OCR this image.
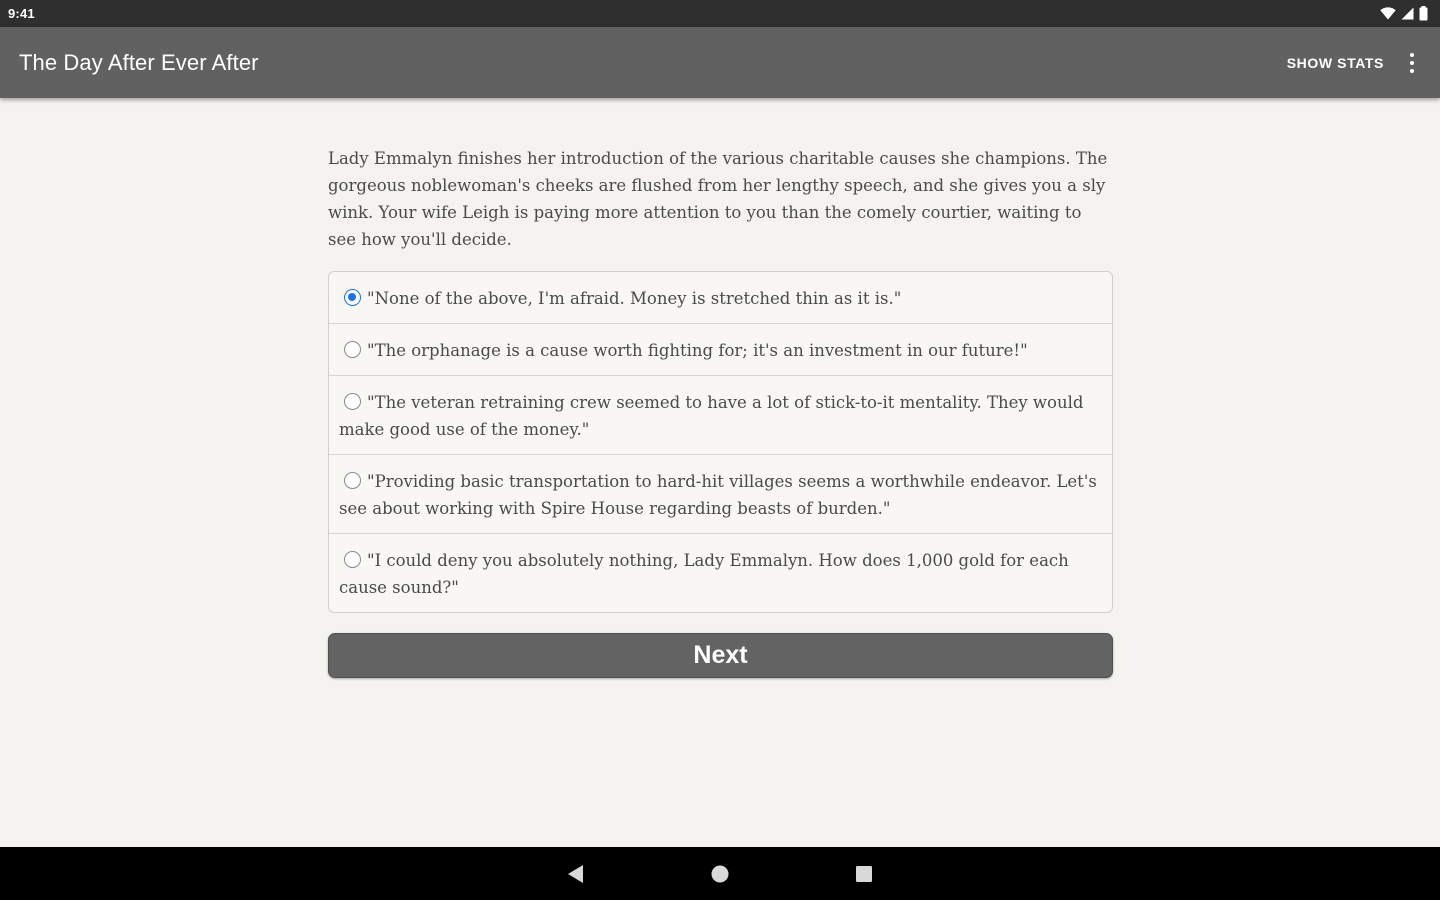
9:41
The Day After Ever After	SHOW STATS

Lady Emmalyn finishes her introduction of the various charitable causes she champions. The gorgeous noblewoman's cheeks are flushed from her lengthy speech, and she gives you a sly wink. Your wife Leigh is paying more attention to you than the comely courtier, waiting to see how you'll decide.

"None of the above, I'm afraid. Money is stretched thin as it is."
"The orphanage is a cause worth fighting for; it's an investment in our future!"
"The veteran retraining crew seemed to have a lot of stick-to-it mentality. They would make good use of the money."
"Providing basic transportation to hard-hit villages seems a worthwhile endeavor. Let's see about working with Spire House regarding beasts of burden."
"I could deny you absolutely nothing, Lady Emmalyn. How does 1,000 gold for each cause sound?"
Next
